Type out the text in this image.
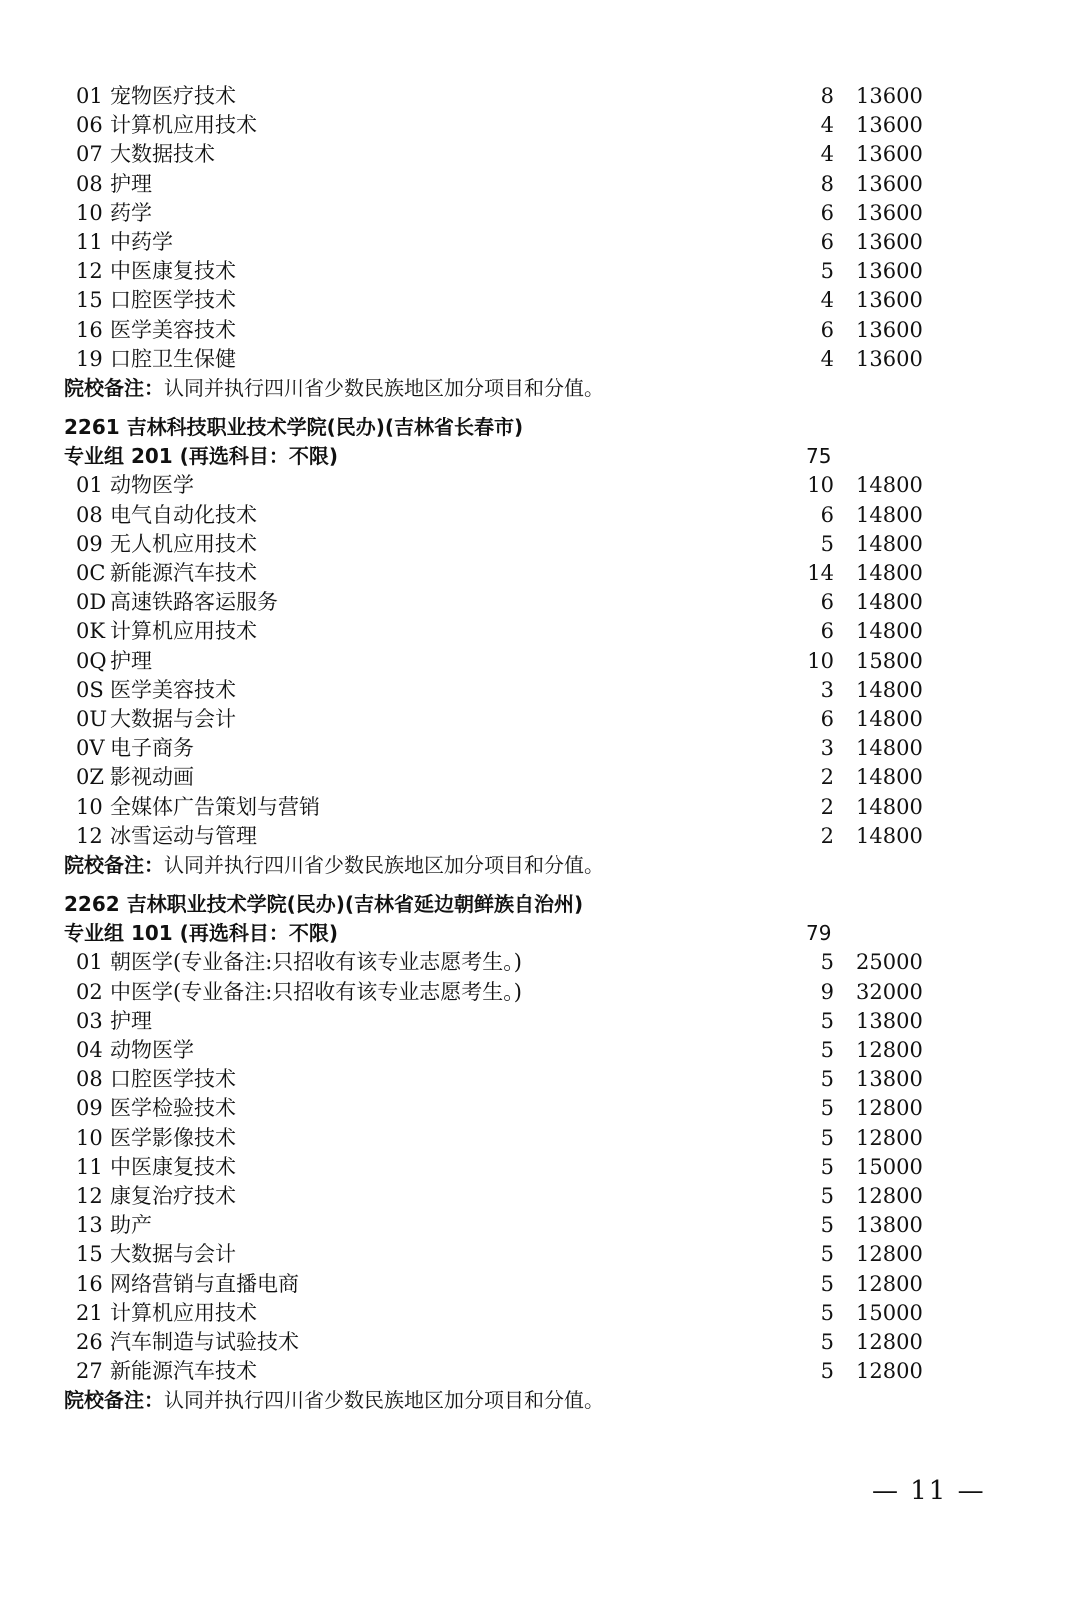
01 宠物医疗技术	8 13600
06 计算机应用技术	4 13600
07 大数据技术	4 13600
08 护理	8 13600
10 药学	6 13600
11 中药学	6 13600
12 中医康复技术	5 13600
15 口腔医学技术	4 13600
16 医学美容技术	6 13600
19 口腔卫生保健	4 13600
院校备注：认同并执行四川省少数民族地区加分项目和分值。
2261 吉林科技职业技术学院(民办)(吉林省长春市)
专业组 201 (再选科目：不限)	75
01 动物医学	10 14800
08 电气自动化技术	6 14800
09 无人机应用技术	5 14800
0C 新能源汽车技术	14 14800
0D 高速铁路客运服务	6 14800
0K 计算机应用技术	6 14800
0Q 护理	10 15800
0S 医学美容技术	3 14800
0U 大数据与会计	6 14800
0V 电子商务	3 14800
0Z 影视动画	2 14800
10 全媒体广告策划与营销	2 14800
12 冰雪运动与管理	2 14800
院校备注：认同并执行四川省少数民族地区加分项目和分值。
2262 吉林职业技术学院(民办)(吉林省延边朝鲜族自治州)
专业组 101 (再选科目：不限)	79
01 朝医学(专业备注:只招收有该专业志愿考生。)	5 25000
02 中医学(专业备注:只招收有该专业志愿考生。)	9 32000
03 护理	5 13800
04 动物医学	5 12800
08 口腔医学技术	5 13800
09 医学检验技术	5 12800
10 医学影像技术	5 12800
11 中医康复技术	5 15000
12 康复治疗技术	5 12800
13 助产	5 13800
15 大数据与会计	5 12800
16 网络营销与直播电商	5 12800
21 计算机应用技术	5 15000
26 汽车制造与试验技术	5 12800
27 新能源汽车技术	5 12800
院校备注：认同并执行四川省少数民族地区加分项目和分值。
— 11 —
